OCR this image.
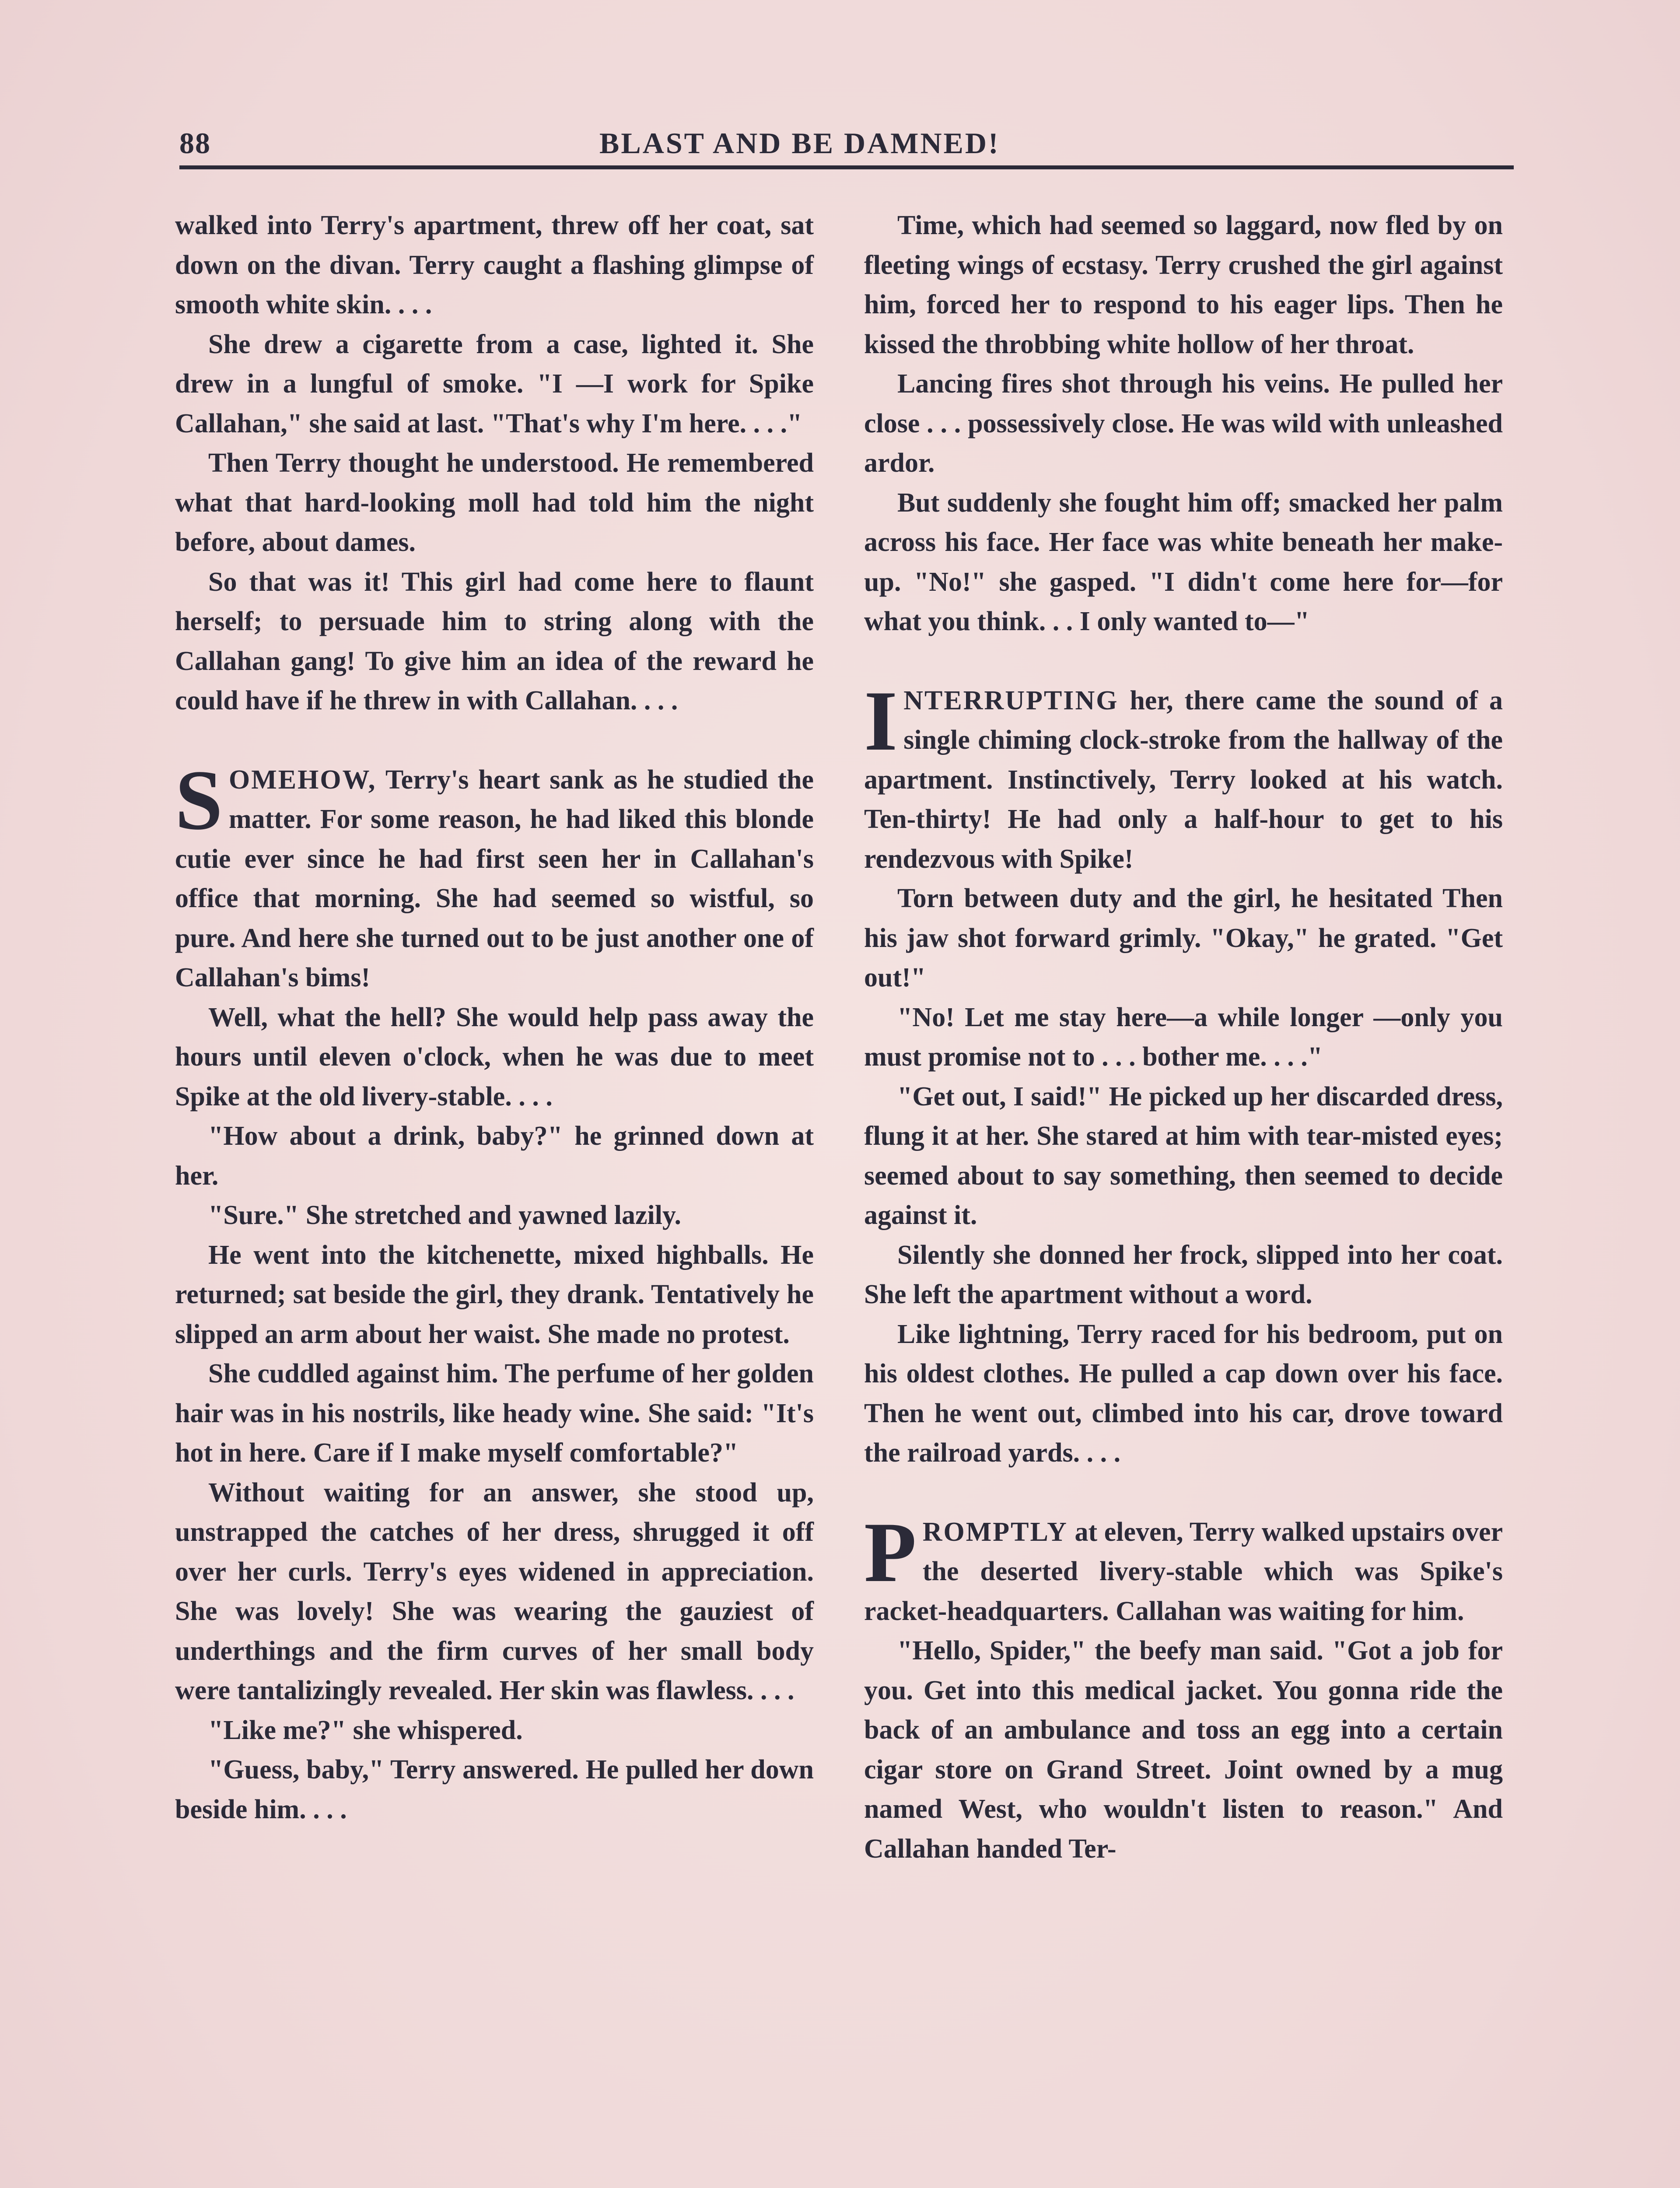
88	BLAST AND BE DAMNED!

walked into Terry's apartment, threw off her coat, sat down on the divan. Terry caught a flashing glimpse of smooth white skin. . . .

She drew a cigarette from a case, lighted it. She drew in a lungful of smoke. "I —I work for Spike Callahan," she said at last. "That's why I'm here. . . ."

Then Terry thought he understood. He remembered what that hard-looking moll had told him the night before, about dames.

So that was it! This girl had come here to flaunt herself; to persuade him to string along with the Callahan gang! To give him an idea of the reward he could have if he threw in with Callahan. . . .

SOMEHOW, Terry's heart sank as he studied the matter. For some reason, he had liked this blonde cutie ever since he had first seen her in Callahan's office that morning. She had seemed so wistful, so pure. And here she turned out to be just another one of Callahan's bims!

Well, what the hell? She would help pass away the hours until eleven o'clock, when he was due to meet Spike at the old livery-stable. . . .

"How about a drink, baby?" he grinned down at her.

"Sure." She stretched and yawned lazily.

He went into the kitchenette, mixed highballs. He returned; sat beside the girl, they drank. Tentatively he slipped an arm about her waist. She made no protest.

She cuddled against him. The perfume of her golden hair was in his nostrils, like heady wine. She said: "It's hot in here. Care if I make myself comfortable?"

Without waiting for an answer, she stood up, unstrapped the catches of her dress, shrugged it off over her curls. Terry's eyes widened in appreciation. She was lovely! She was wearing the gauziest of underthings and the firm curves of her small body were tantalizingly revealed. Her skin was flawless. . . .

"Like me?" she whispered.

"Guess, baby," Terry answered. He pulled her down beside him. . . .

Time, which had seemed so laggard, now fled by on fleeting wings of ecstasy. Terry crushed the girl against him, forced her to respond to his eager lips. Then he kissed the throbbing white hollow of her throat.

Lancing fires shot through his veins. He pulled her close . . . possessively close. He was wild with unleashed ardor.

But suddenly she fought him off; smacked her palm across his face. Her face was white beneath her make-up. "No!" she gasped. "I didn't come here for—for what you think. . . I only wanted to—"

INTERRUPTING her, there came the sound of a single chiming clock-stroke from the hallway of the apartment. Instinctively, Terry looked at his watch. Ten-thirty! He had only a half-hour to get to his rendezvous with Spike!

Torn between duty and the girl, he hesitated Then his jaw shot forward grimly. "Okay," he grated. "Get out!"

"No! Let me stay here—a while longer —only you must promise not to . . . bother me. . . ."

"Get out, I said!" He picked up her discarded dress, flung it at her. She stared at him with tear-misted eyes; seemed about to say something, then seemed to decide against it.

Silently she donned her frock, slipped into her coat. She left the apartment without a word.

Like lightning, Terry raced for his bedroom, put on his oldest clothes. He pulled a cap down over his face. Then he went out, climbed into his car, drove toward the railroad yards. . . .

PROMPTLY at eleven, Terry walked upstairs over the deserted livery-stable which was Spike's racket-headquarters. Callahan was waiting for him.

"Hello, Spider," the beefy man said. "Got a job for you. Get into this medical jacket. You gonna ride the back of an ambulance and toss an egg into a certain cigar store on Grand Street. Joint owned by a mug named West, who wouldn't listen to reason." And Callahan handed Ter-
